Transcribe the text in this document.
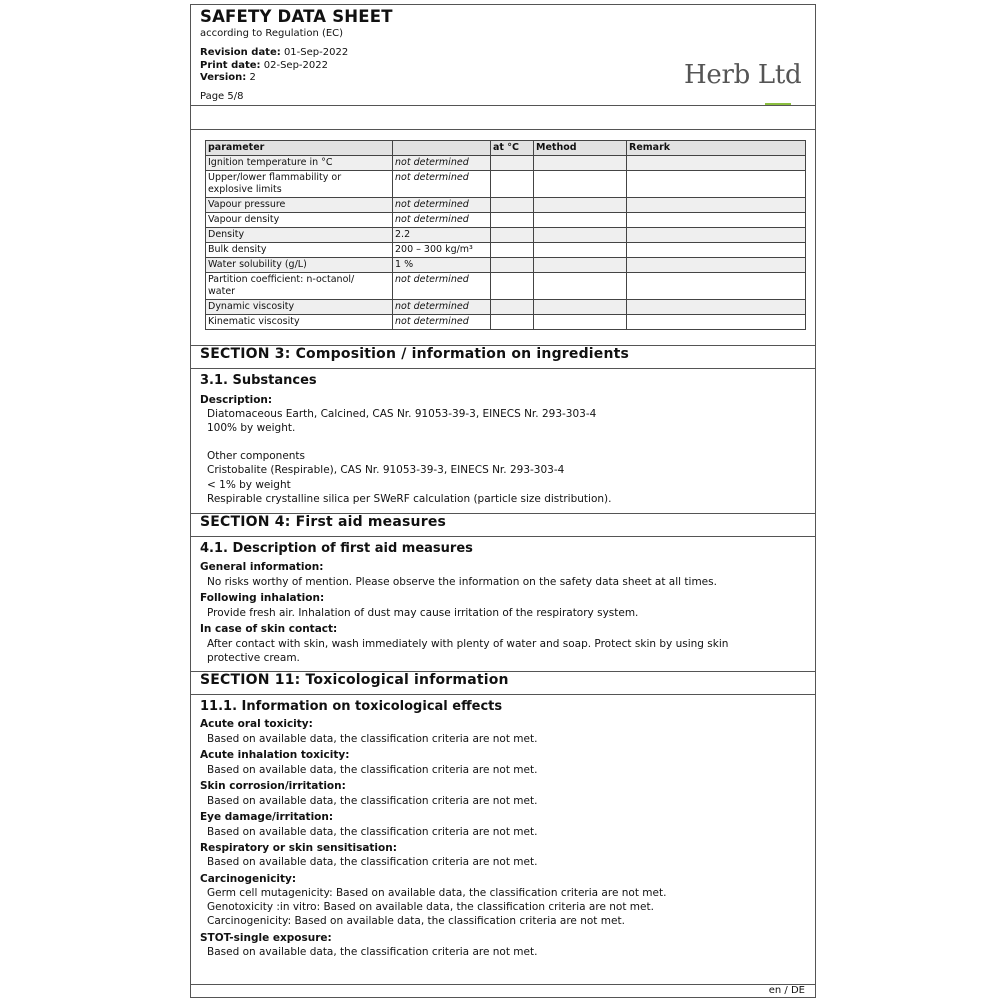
SAFETY DATA SHEET
according to Regulation (EC)
Revision date: 01-Sep-2022
Print date: 02-Sep-2022
Version: 2
Page 5/8
Herb Ltd
parameter		at °C	Method	Remark
Ignition temperature in °C	not determined			
Upper/lower flammability or
explosive limits	not determined			
Vapour pressure	not determined			
Vapour density	not determined			
Density	2.2			
Bulk density	200 – 300 kg/m³			
Water solubility (g/L)	1 %			
Partition coefficient: n-octanol/
water	not determined			
Dynamic viscosity	not determined			
Kinematic viscosity	not determined			
SECTION 3: Composition / information on ingredients
3.1. Substances
Description:
Diatomaceous Earth, Calcined, CAS Nr. 91053-39-3, EINECS Nr. 293-303-4
100% by weight.
Other components
Cristobalite (Respirable), CAS Nr. 91053-39-3, EINECS Nr. 293-303-4
< 1% by weight
Respirable crystalline silica per SWeRF calculation (particle size distribution).
SECTION 4: First aid measures
4.1. Description of first aid measures
General information:
No risks worthy of mention. Please observe the information on the safety data sheet at all times.
Following inhalation:
Provide fresh air. Inhalation of dust may cause irritation of the respiratory system.
In case of skin contact:
After contact with skin, wash immediately with plenty of water and soap. Protect skin by using skin
protective cream.
SECTION 11: Toxicological information
11.1. Information on toxicological effects
Acute oral toxicity:
Based on available data, the classification criteria are not met.
Acute inhalation toxicity:
Based on available data, the classification criteria are not met.
Skin corrosion/irritation:
Based on available data, the classification criteria are not met.
Eye damage/irritation:
Based on available data, the classification criteria are not met.
Respiratory or skin sensitisation:
Based on available data, the classification criteria are not met.
Carcinogenicity:
Germ cell mutagenicity: Based on available data, the classification criteria are not met.
Genotoxicity :in vitro: Based on available data, the classification criteria are not met.
Carcinogenicity: Based on available data, the classification criteria are not met.
STOT-single exposure:
Based on available data, the classification criteria are not met.
en / DE
